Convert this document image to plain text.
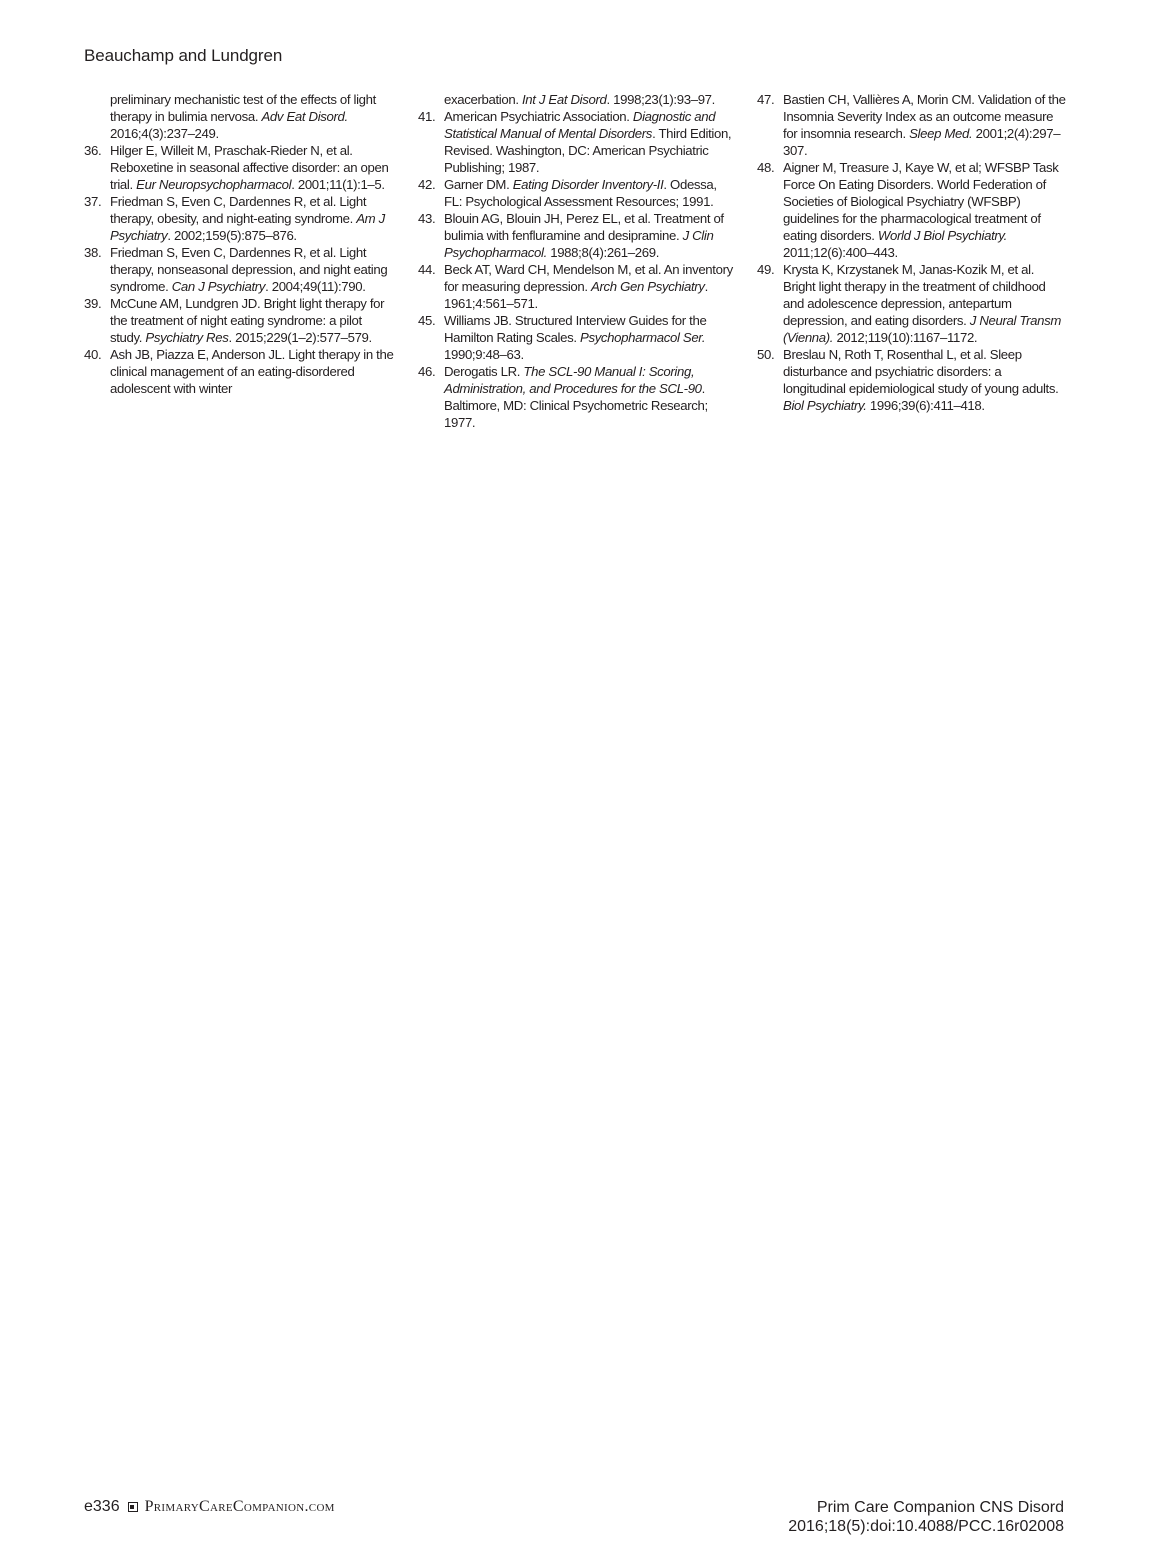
Beauchamp and Lundgren

preliminary mechanistic test of the effects of light therapy in bulimia nervosa. Adv Eat Disord. 2016;4(3):237–249.

36. Hilger E, Willeit M, Praschak-Rieder N, et al. Reboxetine in seasonal affective disorder: an open trial. Eur Neuropsychopharmacol. 2001;11(1):1–5.

37. Friedman S, Even C, Dardennes R, et al. Light therapy, obesity, and night-eating syndrome. Am J Psychiatry. 2002;159(5):875–876.

38. Friedman S, Even C, Dardennes R, et al. Light therapy, nonseasonal depression, and night eating syndrome. Can J Psychiatry. 2004;49(11):790.

39. McCune AM, Lundgren JD. Bright light therapy for the treatment of night eating syndrome: a pilot study. Psychiatry Res. 2015;229(1–2):577–579.

40. Ash JB, Piazza E, Anderson JL. Light therapy in the clinical management of an eating-disordered adolescent with winter

exacerbation. Int J Eat Disord. 1998;23(1):93–97.

41. American Psychiatric Association. Diagnostic and Statistical Manual of Mental Disorders. Third Edition, Revised. Washington, DC: American Psychiatric Publishing; 1987.

42. Garner DM. Eating Disorder Inventory-II. Odessa, FL: Psychological Assessment Resources; 1991.

43. Blouin AG, Blouin JH, Perez EL, et al. Treatment of bulimia with fenfluramine and desipramine. J Clin Psychopharmacol. 1988;8(4):261–269.

44. Beck AT, Ward CH, Mendelson M, et al. An inventory for measuring depression. Arch Gen Psychiatry. 1961;4:561–571.

45. Williams JB. Structured Interview Guides for the Hamilton Rating Scales. Psychopharmacol Ser. 1990;9:48–63.

46. Derogatis LR. The SCL-90 Manual I: Scoring, Administration, and Procedures for the SCL-90. Baltimore, MD: Clinical Psychometric Research; 1977.

47. Bastien CH, Vallières A, Morin CM. Validation of the Insomnia Severity Index as an outcome measure for insomnia research. Sleep Med. 2001;2(4):297–307.

48. Aigner M, Treasure J, Kaye W, et al; WFSBP Task Force On Eating Disorders. World Federation of Societies of Biological Psychiatry (WFSBP) guidelines for the pharmacological treatment of eating disorders. World J Biol Psychiatry. 2011;12(6):400–443.

49. Krysta K, Krzystanek M, Janas-Kozik M, et al. Bright light therapy in the treatment of childhood and adolescence depression, antepartum depression, and eating disorders. J Neural Transm (Vienna). 2012;119(10):1167–1172.

50. Breslau N, Roth T, Rosenthal L, et al. Sleep disturbance and psychiatric disorders: a longitudinal epidemiological study of young adults. Biol Psychiatry. 1996;39(6):411–418.

e336 PrimaryCareCompanion.com	Prim Care Companion CNS Disord
2016;18(5):doi:10.4088/PCC.16r02008
